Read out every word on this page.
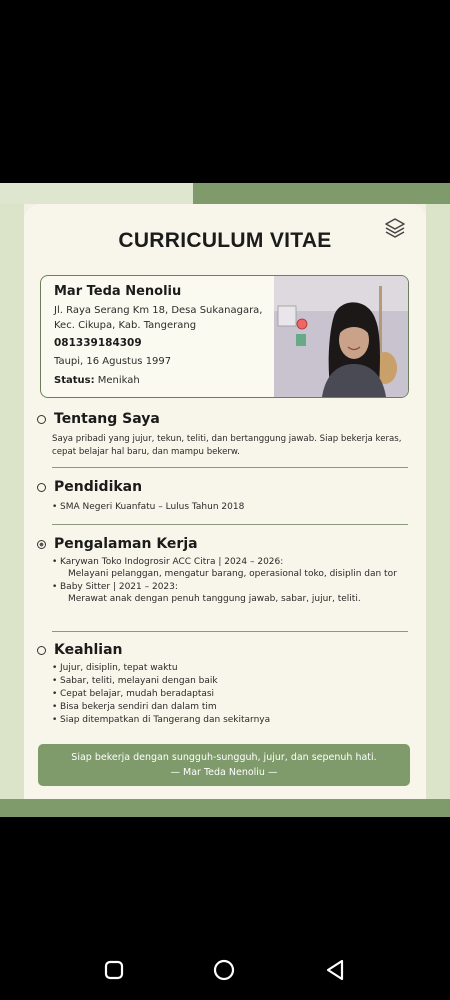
CURRICULUM VITAE
Mar Teda Nenoliu
Jl. Raya Serang Km 18, Desa Sukanagara,
Kec. Cikupa, Kab. Tangerang
081339184309
Taupi, 16 Agustus 1997
Status: Menikah
Tentang Saya
Saya pribadi yang jujur, tekun, teliti, dan bertanggung jawab. Siap bekerja keras, cepat belajar hal baru, dan mampu bekerw.
Pendidikan
• SMA Negeri Kuanfatu – Lulus Tahun 2018
Pengalaman Kerja
• Karywan Toko Indogrosir ACC Citra | 2024 – 2026:
Melayani pelanggan, mengatur barang, operasional toko, disiplin dan tor
• Baby Sitter | 2021 – 2023:
Merawat anak dengan penuh tanggung jawab, sabar, jujur, teliti.
Keahlian
• Jujur, disiplin, tepat waktu
• Sabar, teliti, melayani dengan baik
• Cepat belajar, mudah beradaptasi
• Bisa bekerja sendiri dan dalam tim
• Siap ditempatkan di Tangerang dan sekitarnya
Siap bekerja dengan sungguh-sungguh, jujur, dan sepenuh hati.
— Mar Teda Nenoliu —
